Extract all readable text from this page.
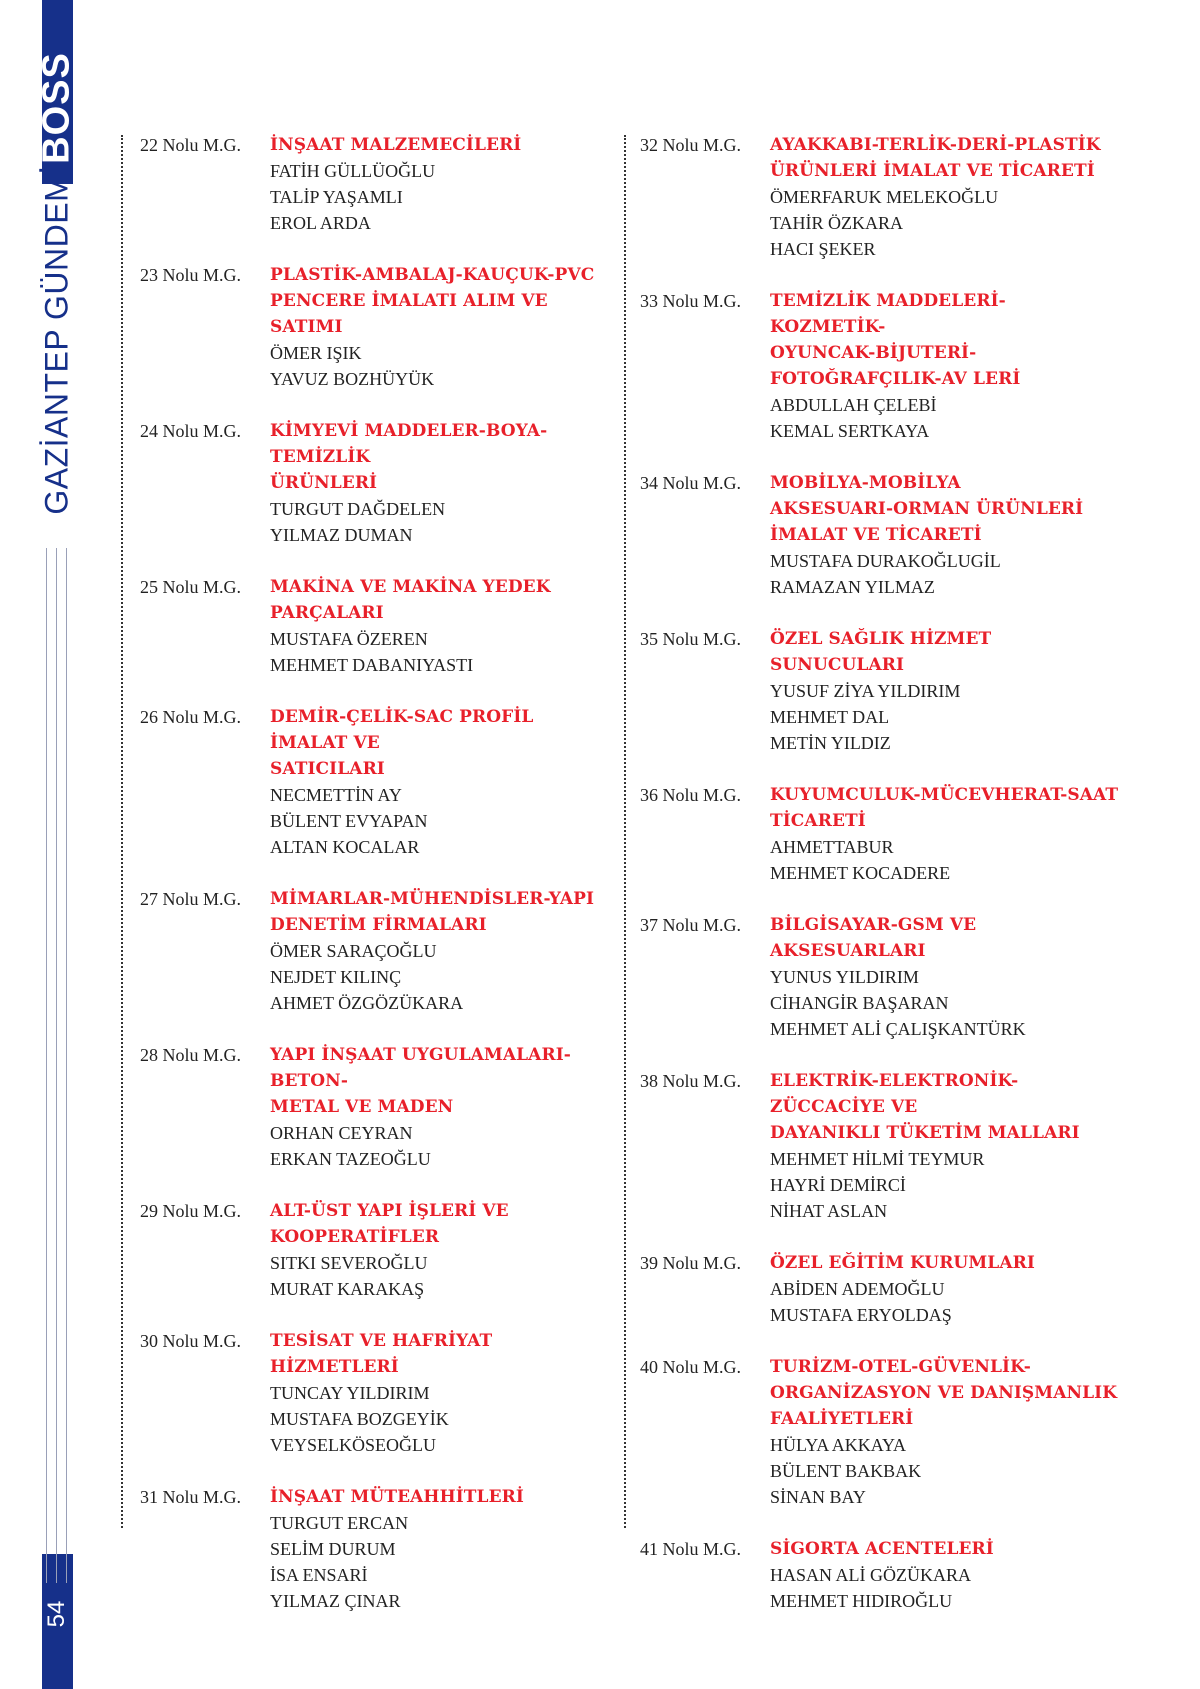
BOSS
GAZİANTEP GÜNDEMİ
54
22 Nolu M.G.	İNŞAAT MALZEMECİLERİ
FATİH GÜLLÜOĞLU
TALİP YAŞAMLI
EROL ARDA
23 Nolu M.G.	PLASTİK-AMBALAJ-KAUÇUK-PVC
PENCERE İMALATI ALIM VE SATIMI
ÖMER IŞIK
YAVUZ BOZHÜYÜK
24 Nolu M.G.	KİMYEVİ MADDELER-BOYA-TEMİZLİK
ÜRÜNLERİ
TURGUT DAĞDELEN
YILMAZ DUMAN
25 Nolu M.G.	MAKİNA VE MAKİNA YEDEK
PARÇALARI
MUSTAFA ÖZEREN
MEHMET DABANIYASTI
26 Nolu M.G.	DEMİR-ÇELİK-SAC PROFİL İMALAT VE
SATICILARI
NECMETTİN AY
BÜLENT EVYAPAN
ALTAN KOCALAR
27 Nolu M.G.	MİMARLAR-MÜHENDİSLER-YAPI
DENETİM FİRMALARI
ÖMER SARAÇOĞLU
NEJDET KILINÇ
AHMET ÖZGÖZÜKARA
28 Nolu M.G.	YAPI İNŞAAT UYGULAMALARI-BETON-
METAL VE MADEN
ORHAN CEYRAN
ERKAN TAZEOĞLU
29 Nolu M.G.	ALT-ÜST YAPI İŞLERİ VE
KOOPERATİFLER
SITKI SEVEROĞLU
MURAT KARAKAŞ
30 Nolu M.G.	TESİSAT VE HAFRİYAT HİZMETLERİ
TUNCAY YILDIRIM
MUSTAFA BOZGEYİK
VEYSELKÖSEOĞLU
31 Nolu M.G.	İNŞAAT MÜTEAHHİTLERİ
TURGUT ERCAN
SELİM DURUM
İSA ENSARİ
YILMAZ ÇINAR
32 Nolu M.G.	AYAKKABI-TERLİK-DERİ-PLASTİK
ÜRÜNLERİ İMALAT VE TİCARETİ
ÖMERFARUK MELEKOĞLU
TAHİR ÖZKARA
HACI ŞEKER
33 Nolu M.G.	TEMİZLİK MADDELERİ-KOZMETİK-
OYUNCAK-BİJUTERİ-
FOTOĞRAFÇILIK-AV LERİ
ABDULLAH ÇELEBİ
KEMAL SERTKAYA
34 Nolu M.G.	MOBİLYA-MOBİLYA
AKSESUARI-ORMAN ÜRÜNLERİ
İMALAT VE TİCARETİ
MUSTAFA DURAKOĞLUGİL
RAMAZAN YILMAZ
35 Nolu M.G.	ÖZEL SAĞLIK HİZMET SUNUCULARI
YUSUF ZİYA YILDIRIM
MEHMET DAL
METİN YILDIZ
36 Nolu M.G.	KUYUMCULUK-MÜCEVHERAT-SAAT
TİCARETİ
AHMETTABUR
MEHMET KOCADERE
37 Nolu M.G.	BİLGİSAYAR-GSM VE AKSESUARLARI
YUNUS YILDIRIM
CİHANGİR BAŞARAN
MEHMET ALİ ÇALIŞKANTÜRK
38 Nolu M.G.	ELEKTRİK-ELEKTRONİK-ZÜCCACİYE VE
DAYANIKLI TÜKETİM MALLARI
MEHMET HİLMİ TEYMUR
HAYRİ DEMİRCİ
NİHAT ASLAN
39 Nolu M.G.	ÖZEL EĞİTİM KURUMLARI
ABİDEN ADEMOĞLU
MUSTAFA ERYOLDAŞ
40 Nolu M.G.	TURİZM-OTEL-GÜVENLİK-
ORGANİZASYON VE DANIŞMANLIK
FAALİYETLERİ
HÜLYA AKKAYA
BÜLENT BAKBAK
SİNAN BAY
41 Nolu M.G.	SİGORTA ACENTELERİ
HASAN ALİ GÖZÜKARA
MEHMET HIDIROĞLU
